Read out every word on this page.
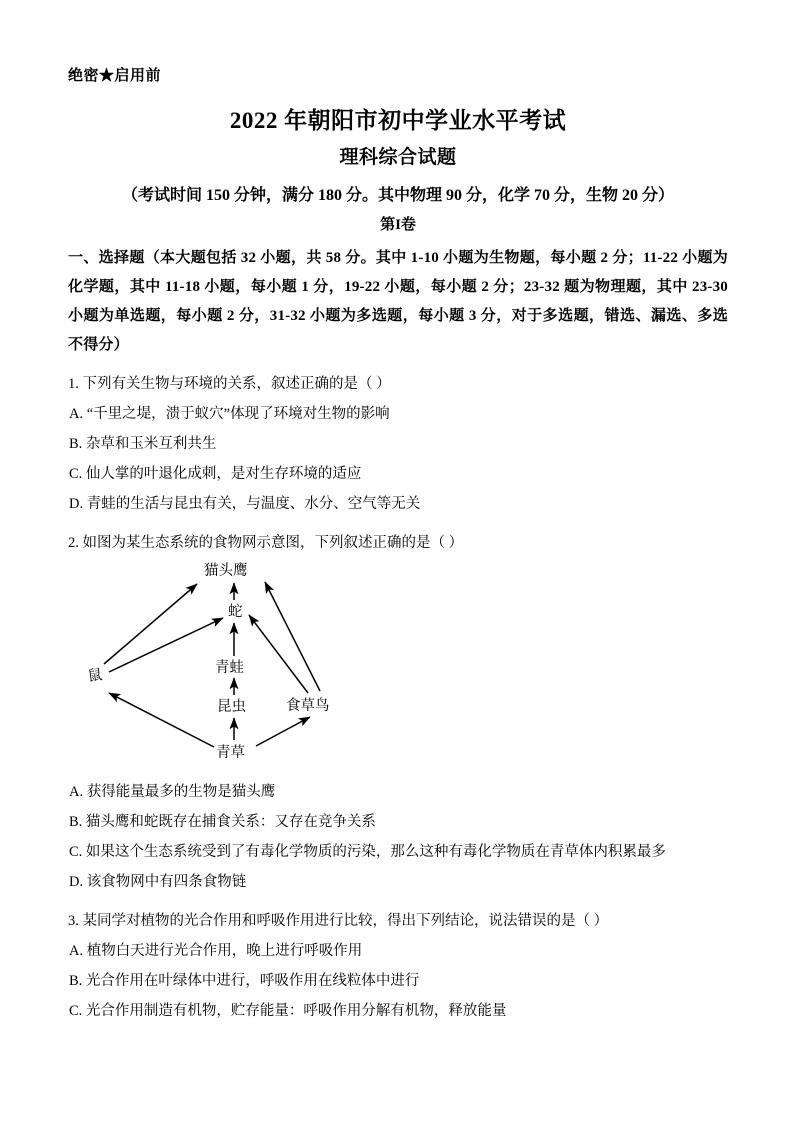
绝密★启用前
2022 年朝阳市初中学业水平考试
理科综合试题
（考试时间 150 分钟，满分 180 分。其中物理 90 分，化学 70 分，生物 20 分）
第I卷
一、选择题（本大题包括 32 小题，共 58 分。其中 1-10 小题为生物题，每小题 2 分；11-22 小题为化学题，其中 11-18 小题，每小题 1 分，19-22 小题，每小题 2 分；23-32 题为物理题，其中 23-30 小题为单选题，每小题 2 分，31-32 小题为多选题，每小题 3 分，对于多选题，错选、漏选、多选不得分）

1. 下列有关生物与环境的关系，叙述正确的是（ ）

A. “千里之堤，溃于蚁穴”体现了环境对生物的影响

B. 杂草和玉米互利共生

C. 仙人掌的叶退化成刺，是对生存环境的适应

D. 青蛙的生活与昆虫有关，与温度、水分、空气等无关

2. 如图为某生态系统的食物网示意图，下列叙述正确的是（ ）

猫头鹰
蛇
青蛙
昆虫
青草
鼠
食草鸟

A. 获得能量最多的生物是猫头鹰

B. 猫头鹰和蛇既存在捕食关系：又存在竞争关系

C. 如果这个生态系统受到了有毒化学物质的污染，那么这种有毒化学物质在青草体内积累最多

D. 该食物网中有四条食物链

3. 某同学对植物的光合作用和呼吸作用进行比较，得出下列结论，说法错误的是（ ）

A. 植物白天进行光合作用，晚上进行呼吸作用

B. 光合作用在叶绿体中进行，呼吸作用在线粒体中进行

C. 光合作用制造有机物，贮存能量：呼吸作用分解有机物，释放能量
